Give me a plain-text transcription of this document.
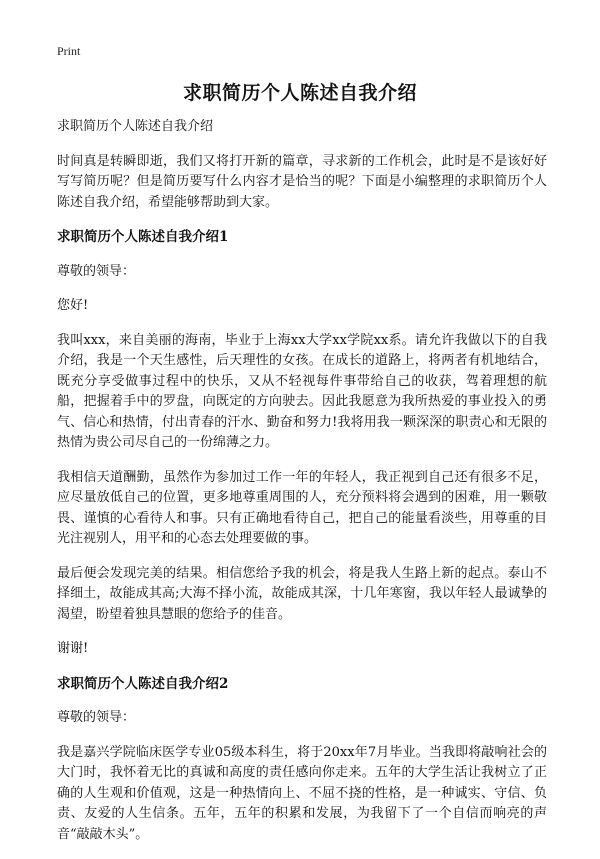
Print
求职简历个人陈述自我介绍

求职简历个人陈述自我介绍

时间真是转瞬即逝，我们又将打开新的篇章，寻求新的工作机会，此时是不是该好好写写简历呢？但是简历要写什么内容才是恰当的呢？下面是小编整理的求职简历个人陈述自我介绍，希望能够帮助到大家。

求职简历个人陈述自我介绍1

尊敬的领导：

您好!

我叫xxx，来自美丽的海南，毕业于上海xx大学xx学院xx系。请允许我做以下的自我介绍，我是一个天生感性，后天理性的女孩。在成长的道路上，将两者有机地结合，既充分享受做事过程中的快乐，又从不轻视每件事带给自己的收获，驾着理想的航船，把握着手中的罗盘，向既定的方向驶去。因此我愿意为我所热爱的事业投入的勇气、信心和热情，付出青春的汗水、勤奋和努力!我将用我一颗深深的职责心和无限的热情为贵公司尽自己的一份绵薄之力。

我相信天道酬勤，虽然作为参加过工作一年的年轻人，我正视到自己还有很多不足，应尽量放低自己的位置，更多地尊重周围的人，充分预料将会遇到的困难，用一颗敬畏、谨慎的心看待人和事。只有正确地看待自己，把自己的能量看淡些，用尊重的目光注视别人，用平和的心态去处理要做的事。

最后便会发现完美的结果。相信您给予我的机会，将是我人生路上新的起点。泰山不择细土，故能成其高;大海不择小流，故能成其深，十几年寒窗，我以年轻人最诚挚的渴望，盼望着独具慧眼的您给予的佳音。

谢谢!

求职简历个人陈述自我介绍2

尊敬的领导：

我是嘉兴学院临床医学专业05级本科生，将于20xx年7月毕业。当我即将敲响社会的大门时，我怀着无比的真诚和高度的责任感向你走来。五年的大学生活让我树立了正确的人生观和价值观，这是一种热情向上、不屈不挠的性格，是一种诚实、守信、负责、友爱的人生信条。五年，五年的积累和发展，为我留下了一个自信而响亮的声音“敲敲木头”。
